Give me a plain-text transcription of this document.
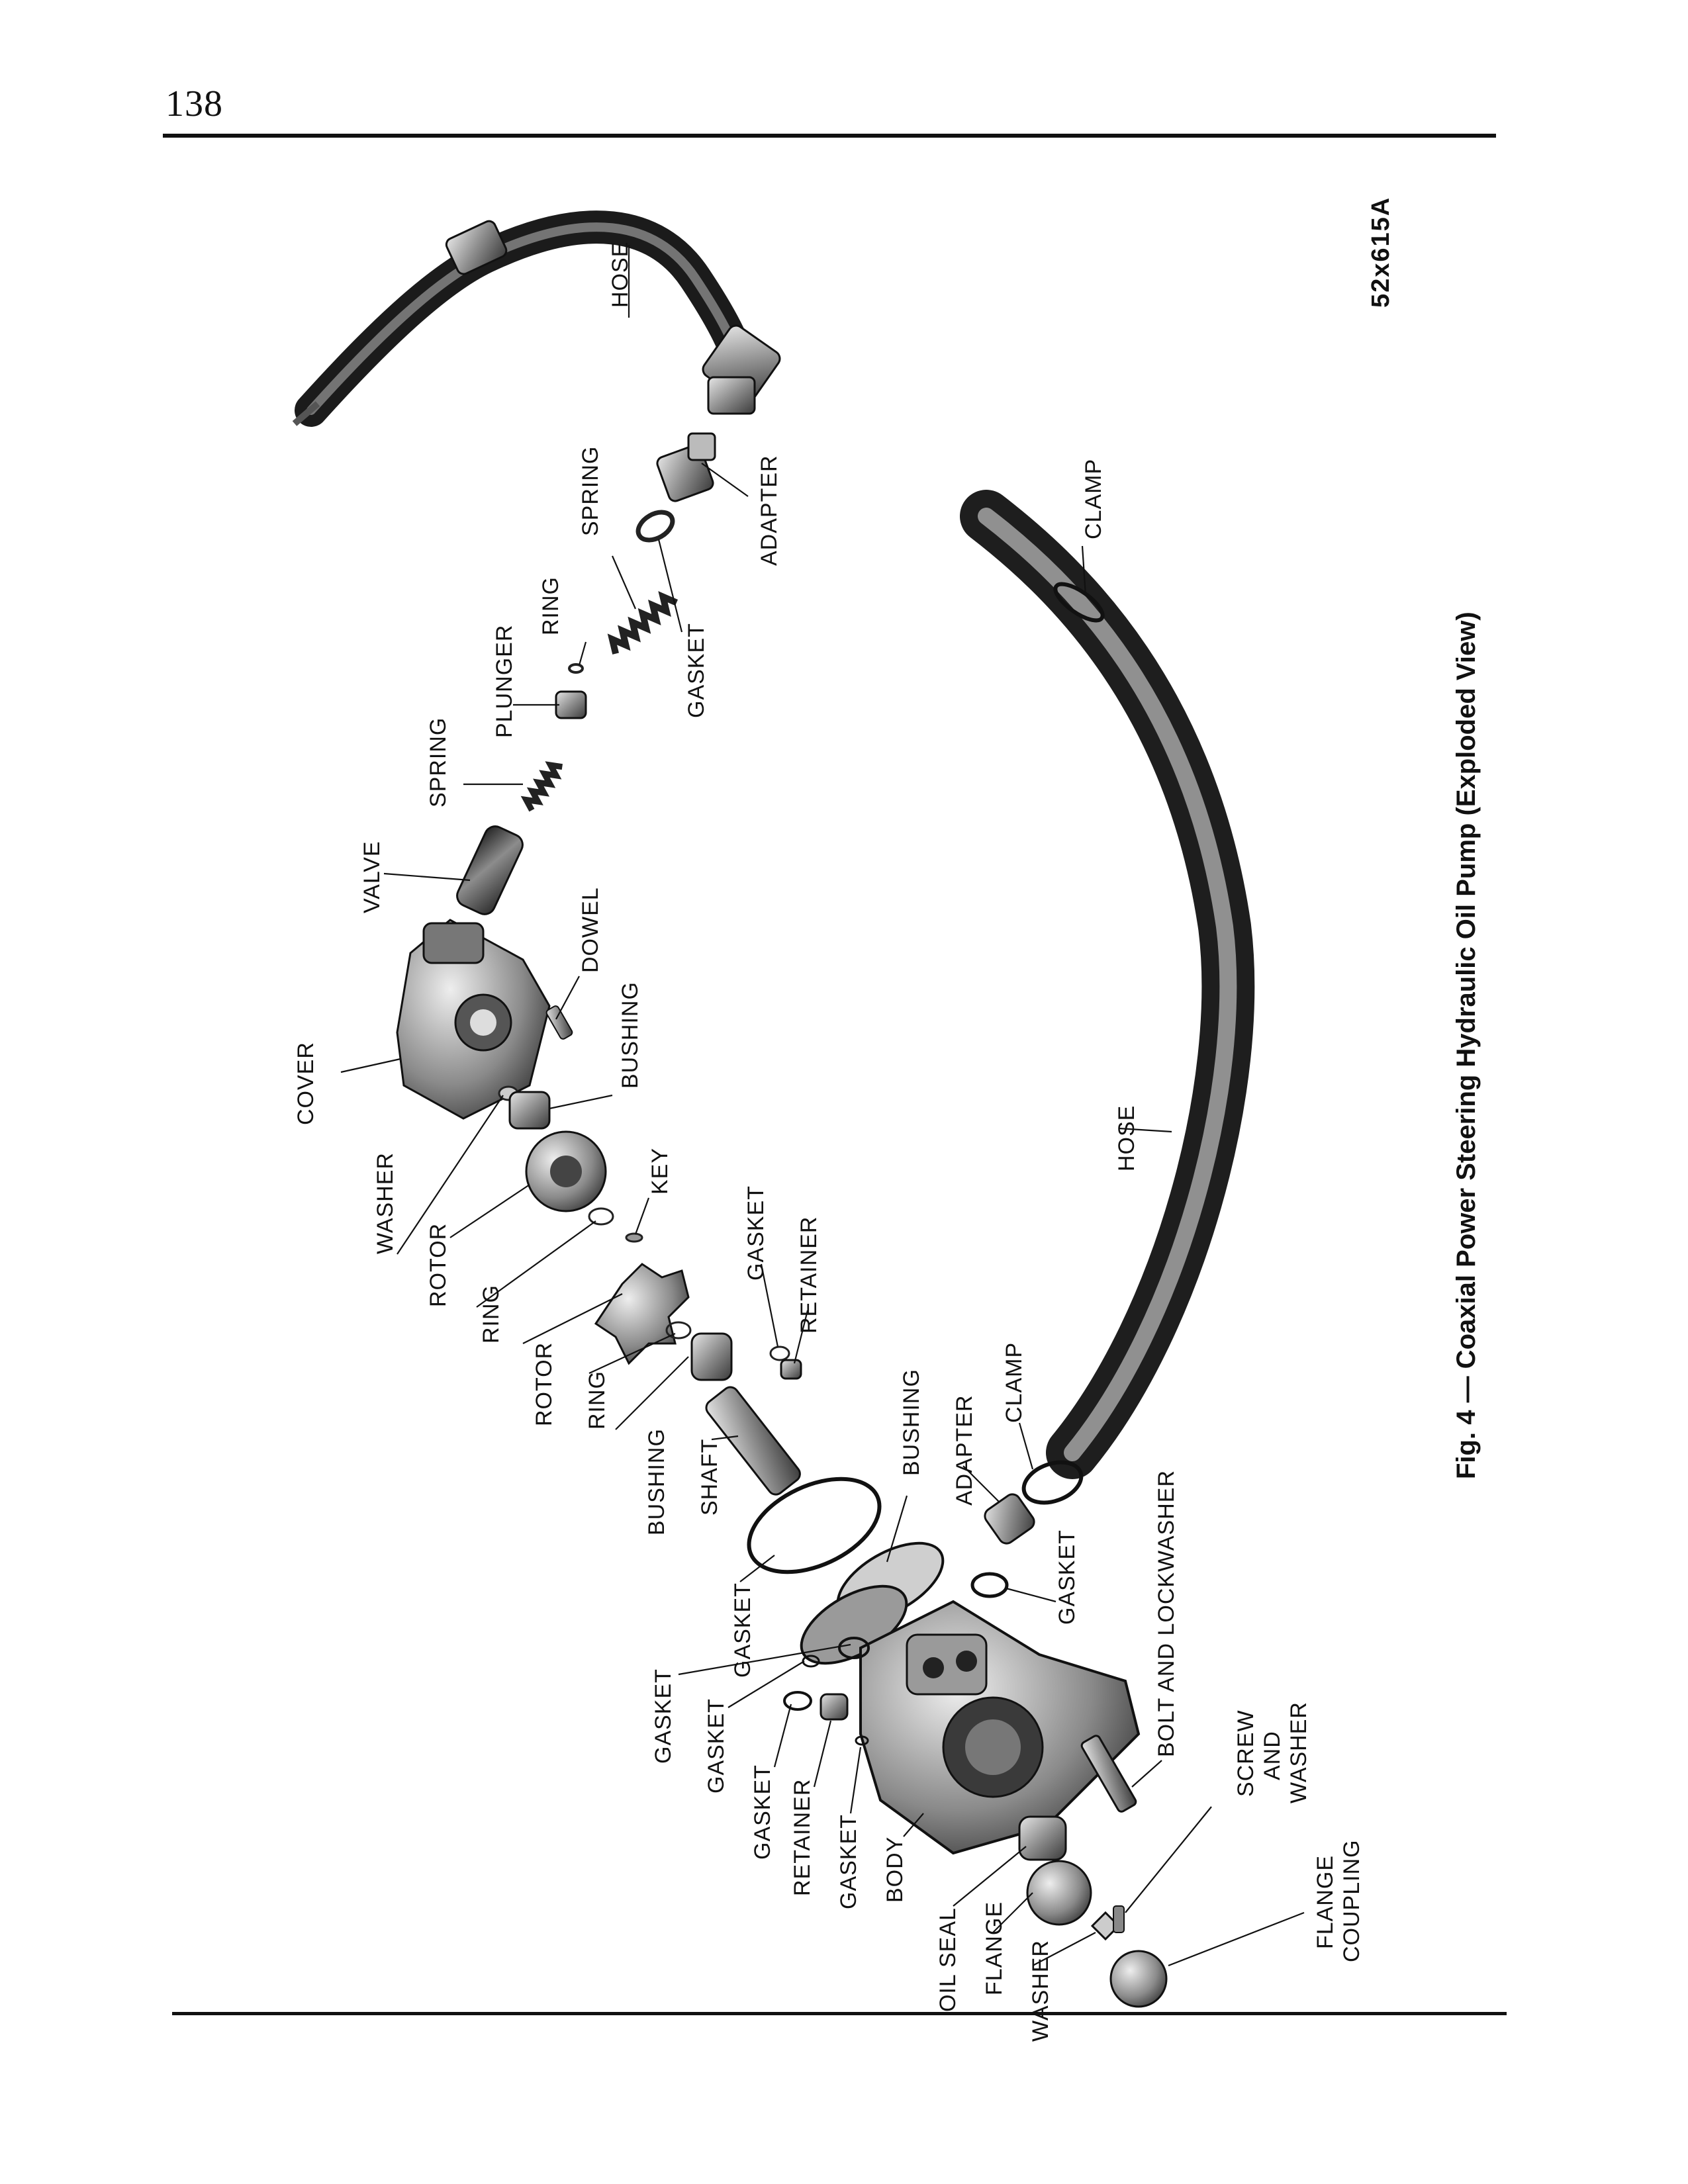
138
HOSE
ADAPTER
SPRING
RING
GASKET
PLUNGER
SPRING
VALVE
CLAMP
COVER
DOWEL
BUSHING
WASHER
HOSE
ROTOR
KEY
RING
GASKET RETAINER
ROTOR RING
BUSHING SHAFT
BUSHING	CLAMP
ADAPTER
GASKET
GASKET	BOLT AND LOCKWASHER
GASKET GASKET
GASKET RETAINER GASKET BODY
SCREW AND WASHER
OIL SEAL FLANGE WASHER
FLANGE COUPLING
52x615A
Fig. 4 — Coaxial Power Steering Hydraulic Oil Pump (Exploded View)
